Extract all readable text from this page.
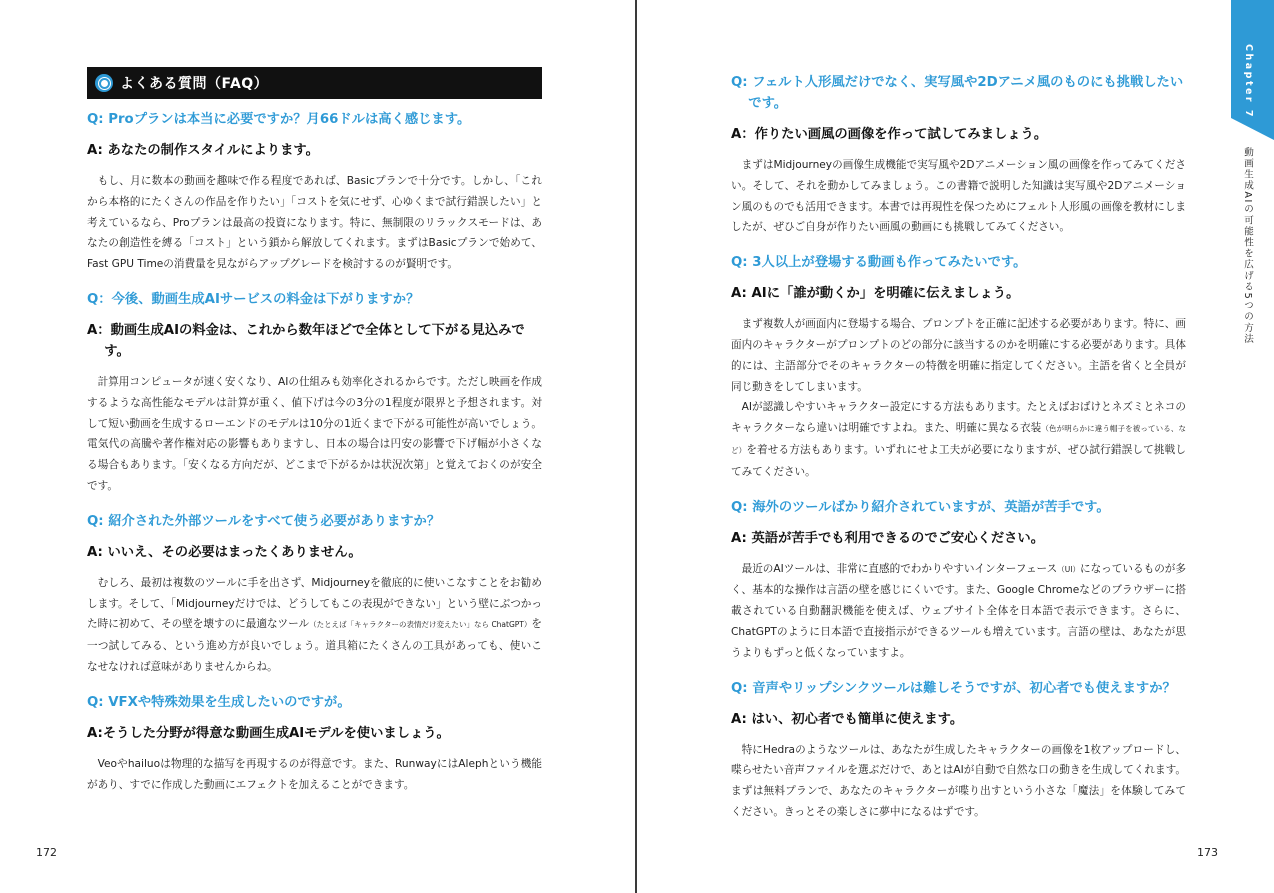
よくある質問（FAQ）
Q: Proプランは本当に必要ですか？月66ドルは高く感じます。
A: あなたの制作スタイルによります。

もし、月に数本の動画を趣味で作る程度であれば、Basicプランで十分です。しかし、「これから本格的にたくさんの作品を作りたい」「コストを気にせず、心ゆくまで試行錯誤したい」と考えているなら、Proプランは最高の投資になります。特に、無制限のリラックスモードは、あなたの創造性を縛る「コスト」という鎖から解放してくれます。まずはBasicプランで始めて、Fast GPU Timeの消費量を見ながらアップグレードを検討するのが賢明です。

Q：今後、動画生成AIサービスの料金は下がりますか？
A：動画生成AIの料金は、これから数年ほどで全体として下がる見込みです。

計算用コンピュータが速く安くなり、AIの仕組みも効率化されるからです。ただし映画を作成するような高性能なモデルは計算が重く、値下げは今の3分の1程度が限界と予想されます。対して短い動画を生成するローエンドのモデルは10分の1近くまで下がる可能性が高いでしょう。電気代の高騰や著作権対応の影響もありますし、日本の場合は円安の影響で下げ幅が小さくなる場合もあります。「安くなる方向だが、どこまで下がるかは状況次第」と覚えておくのが安全です。

Q: 紹介された外部ツールをすべて使う必要がありますか？
A: いいえ、その必要はまったくありません。

むしろ、最初は複数のツールに手を出さず、Midjourneyを徹底的に使いこなすことをお勧めします。そして、「Midjourneyだけでは、どうしてもこの表現ができない」という壁にぶつかった時に初めて、その壁を壊すのに最適なツール（たとえば「キャラクターの表情だけ変えたい」なら ChatGPT）を一つ試してみる、という進め方が良いでしょう。道具箱にたくさんの工具があっても、使いこなせなければ意味がありませんからね。

Q: VFXや特殊効果を生成したいのですが。
A:そうした分野が得意な動画生成AIモデルを使いましょう。

Veoやhailuoは物理的な描写を再現するのが得意です。また、RunwayにはAlephという機能があり、すでに作成した動画にエフェクトを加えることができます。

172
Q: フェルト人形風だけでなく、実写風や2Dアニメ風のものにも挑戦したいです。
A：作りたい画風の画像を作って試してみましょう。

まずはMidjourneyの画像生成機能で実写風や2Dアニメーション風の画像を作ってみてください。そして、それを動かしてみましょう。この書籍で説明した知識は実写風や2Dアニメーション風のものでも活用できます。本書では再現性を保つためにフェルト人形風の画像を教材にしましたが、ぜひご自身が作りたい画風の動画にも挑戦してみてください。

Q: 3人以上が登場する動画も作ってみたいです。
A: AIに「誰が動くか」を明確に伝えましょう。

まず複数人が画面内に登場する場合、プロンプトを正確に記述する必要があります。特に、画面内のキャラクターがプロンプトのどの部分に該当するのかを明確にする必要があります。具体的には、主語部分でそのキャラクターの特徴を明確に指定してください。主語を省くと全員が同じ動きをしてしまいます。

AIが認識しやすいキャラクター設定にする方法もあります。たとえばおばけとネズミとネコのキャラクターなら違いは明確ですよね。また、明確に異なる衣装（色が明らかに違う帽子を被っている、など）を着せる方法もあります。いずれにせよ工夫が必要になりますが、ぜひ試行錯誤して挑戦してみてください。

Q: 海外のツールばかり紹介されていますが、英語が苦手です。
A: 英語が苦手でも利用できるのでご安心ください。

最近のAIツールは、非常に直感的でわかりやすいインターフェース（UI）になっているものが多く、基本的な操作は言語の壁を感じにくいです。また、Google Chromeなどのブラウザーに搭載されている自動翻訳機能を使えば、ウェブサイト全体を日本語で表示できます。さらに、ChatGPTのように日本語で直接指示ができるツールも増えています。言語の壁は、あなたが思うよりもずっと低くなっていますよ。

Q: 音声やリップシンクツールは難しそうですが、初心者でも使えますか？
A: はい、初心者でも簡単に使えます。

特にHedraのようなツールは、あなたが生成したキャラクターの画像を1枚アップロードし、喋らせたい音声ファイルを選ぶだけで、あとはAIが自動で自然な口の動きを生成してくれます。まずは無料プランで、あなたのキャラクターが喋り出すという小さな「魔法」を体験してみてください。きっとその楽しさに夢中になるはずです。

Chapter 7
動画生成AIの可能性を広げる5つの方法
173
